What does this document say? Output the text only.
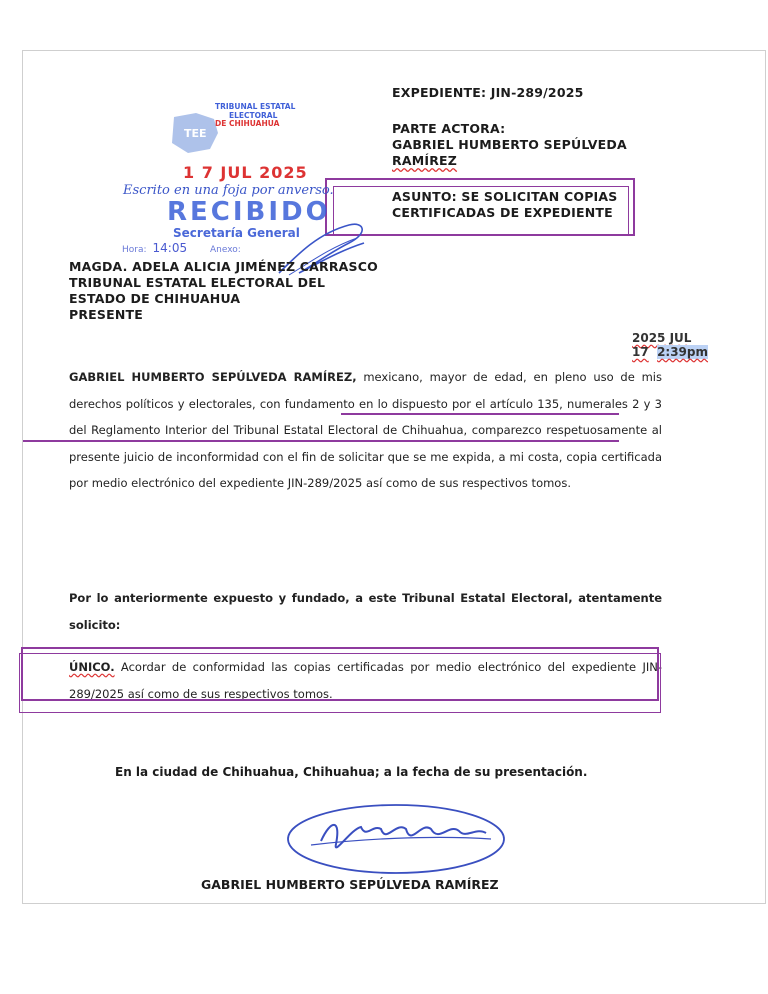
EXPEDIENTE: JIN-289/2025
PARTE ACTORA:
GABRIEL HUMBERTO SEPÚLVEDA
RAMÍREZ
ASUNTO: SE SOLICITAN COPIAS
CERTIFICADAS DE EXPEDIENTE
TEE
TRIBUNAL ESTATAL
ELECTORAL
DE CHIHUAHUA
1 7 JUL 2025
Escrito en una foja por anverso.
RECIBIDO
Secretaría General
Hora: 14:05	Anexo:
MAGDA. ADELA ALICIA JIMÉNEZ CARRASCO
TRIBUNAL ESTATAL ELECTORAL DEL
ESTADO DE CHIHUAHUA
PRESENTE
2025 JUL 17 2:39pm
GABRIEL HUMBERTO SEPÚLVEDA RAMÍREZ, mexicano, mayor de edad, en pleno uso de mis derechos políticos y electorales, con fundamento en lo dispuesto por el artículo 135, numerales 2 y 3 del Reglamento Interior del Tribunal Estatal Electoral de Chihuahua, comparezco respetuosamente al presente juicio de inconformidad con el fin de solicitar que se me expida, a mi costa, copia certificada por medio electrónico del expediente JIN-289/2025 así como de sus respectivos tomos.
Por lo anteriormente expuesto y fundado, a este Tribunal Estatal Electoral, atentamente solicito:
ÚNICO. Acordar de conformidad las copias certificadas por medio electrónico del expediente JIN-289/2025 así como de sus respectivos tomos.
En la ciudad de Chihuahua, Chihuahua; a la fecha de su presentación.
GABRIEL HUMBERTO SEPÚLVEDA RAMÍREZ
